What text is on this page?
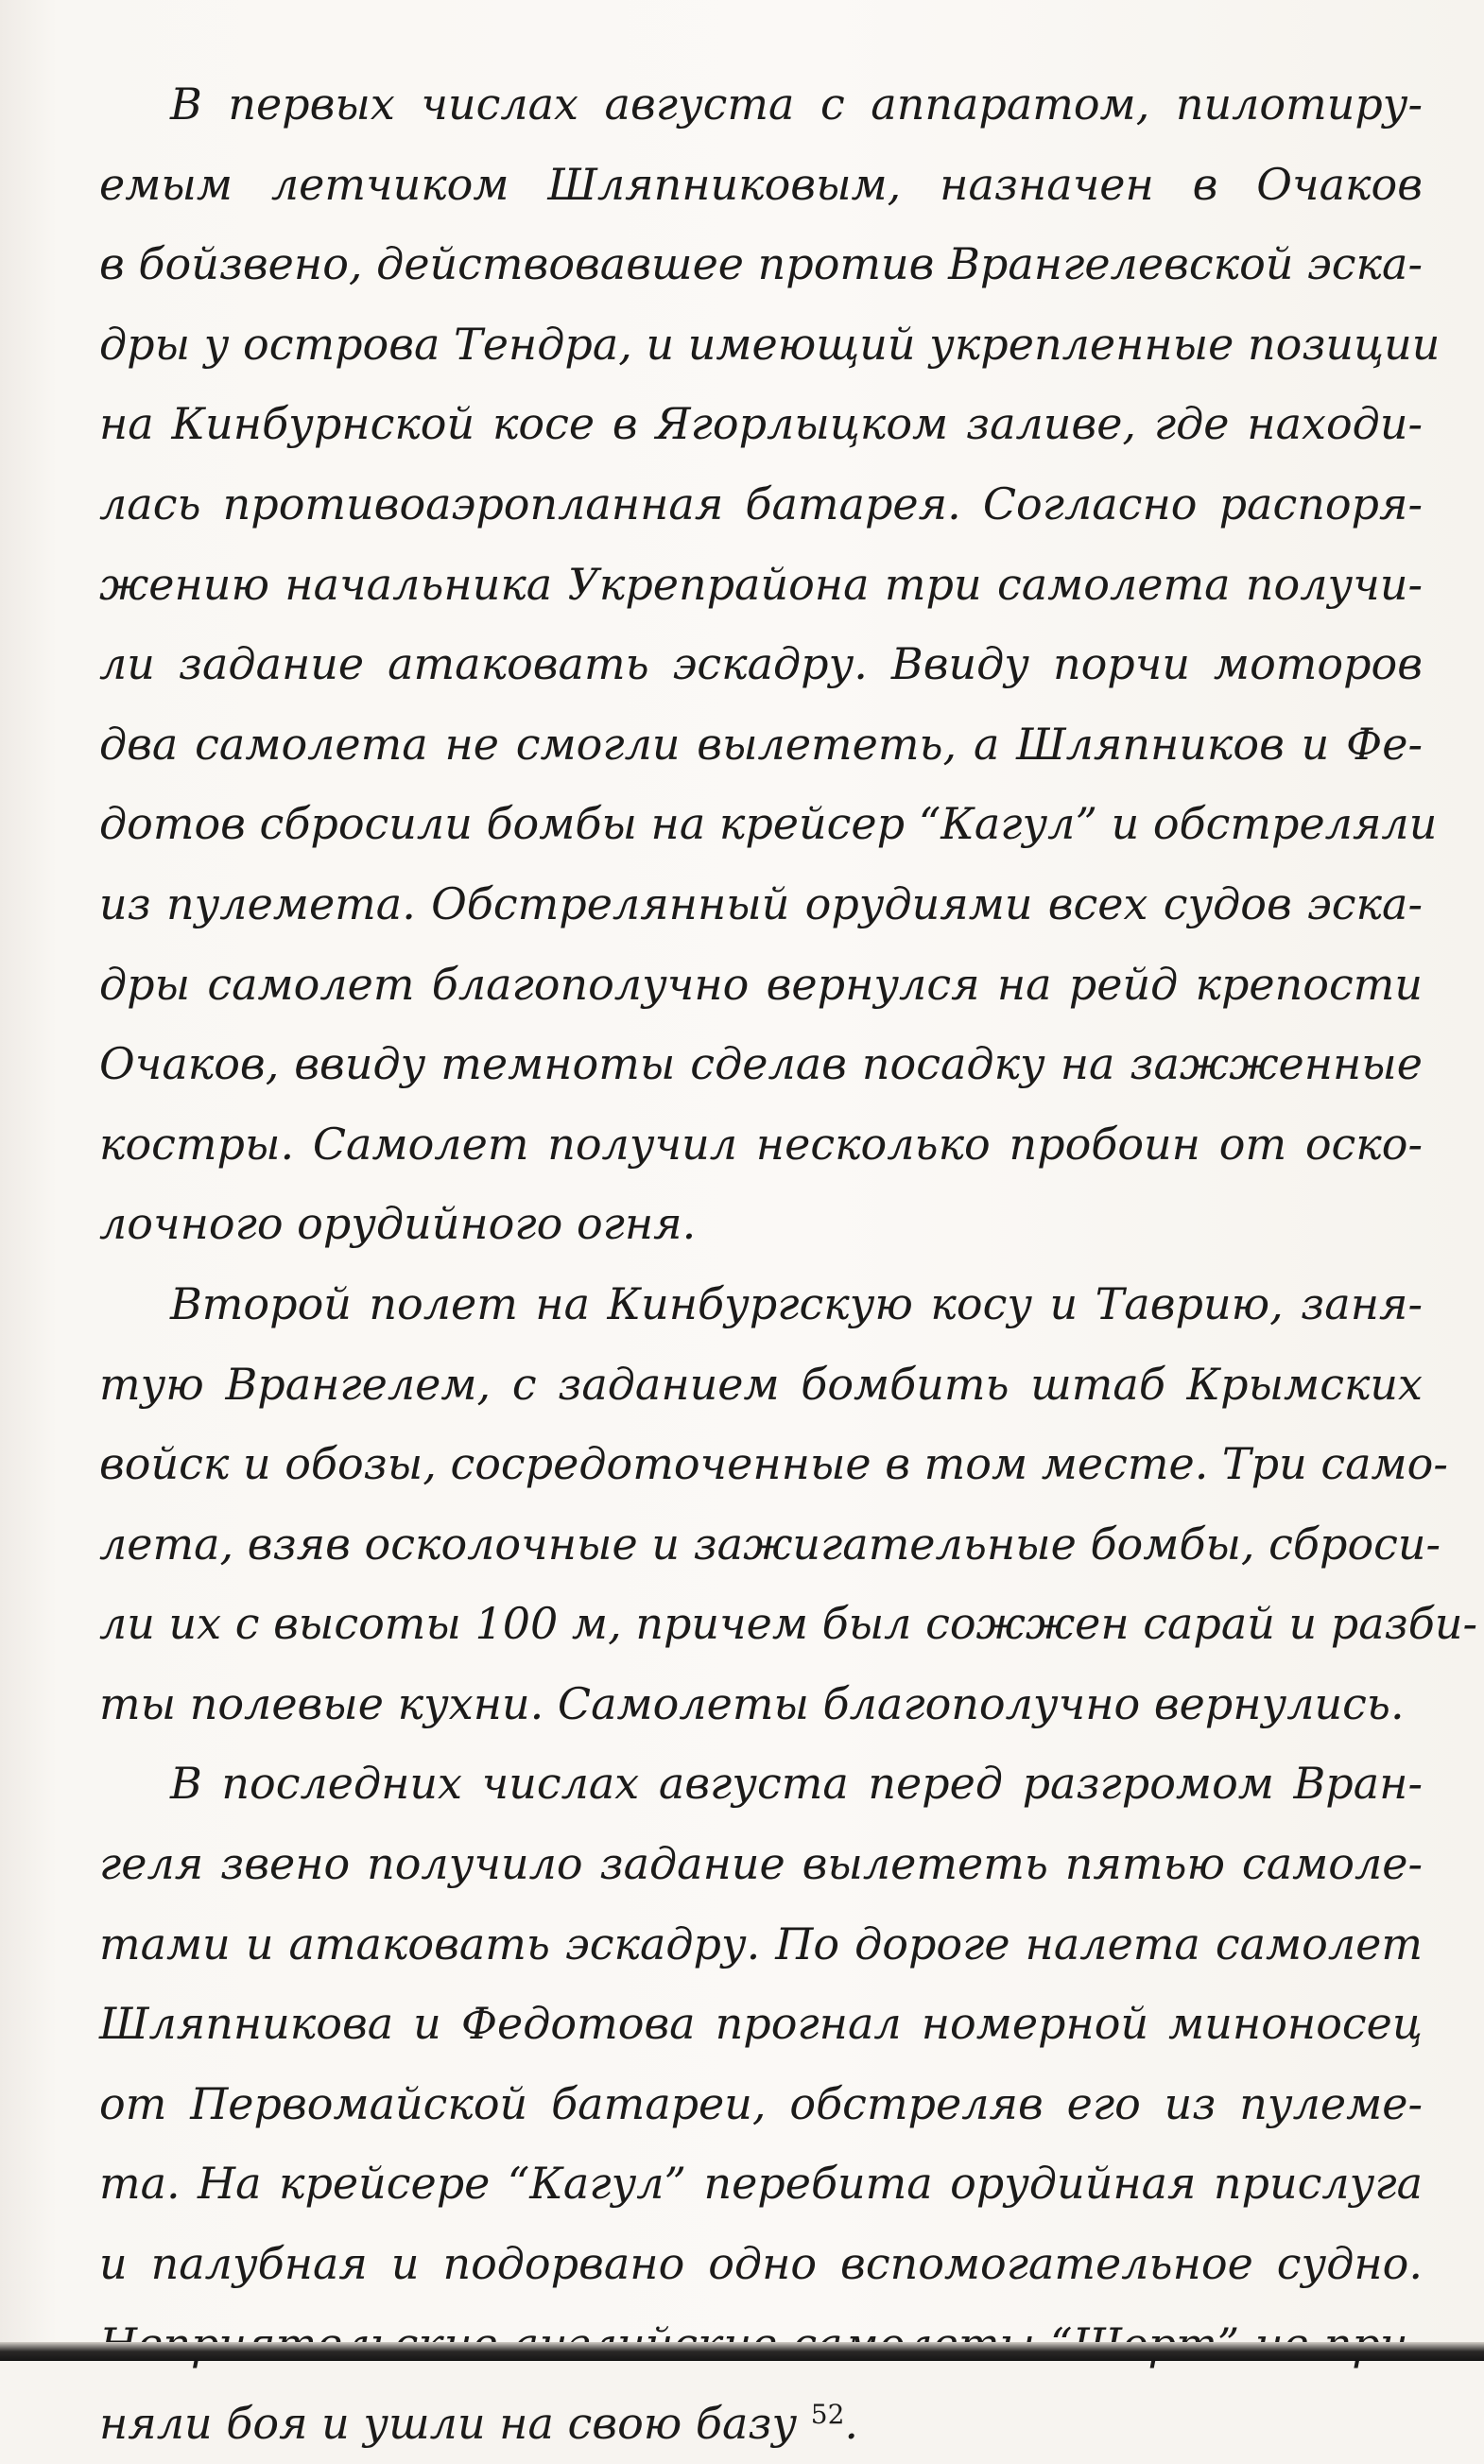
В первых числах августа с аппаратом, пилотиру-
емым летчиком Шляпниковым, назначен в Очаков
в бойзвено, действовавшее против Врангелевской эска-
дры у острова Тендра, и имеющий укрепленные позиции
на Кинбурнской косе в Ягорлыцком заливе, где находи-
лась противоаэропланная батарея. Согласно распоря-
жению начальника Укрепрайона три самолета получи-
ли задание атаковать эскадру. Ввиду порчи моторов
два самолета не смогли вылететь, а Шляпников и Фе-
дотов сбросили бомбы на крейсер “Кагул” и обстреляли
из пулемета. Обстрелянный орудиями всех судов эска-
дры самолет благополучно вернулся на рейд крепости
Очаков, ввиду темноты сделав посадку на зажженные
костры. Самолет получил несколько пробоин от оско-
лочного орудийного огня.
Второй полет на Кинбургскую косу и Таврию, заня-
тую Врангелем, с заданием бомбить штаб Крымских
войск и обозы, сосредоточенные в том месте. Три само-
лета, взяв осколочные и зажигательные бомбы, сброси-
ли их с высоты 100 м, причем был сожжен сарай и разби-
ты полевые кухни. Самолеты благополучно вернулись.
В последних числах августа перед разгромом Вран-
геля звено получило задание вылететь пятью самоле-
тами и атаковать эскадру. По дороге налета самолет
Шляпникова и Федотова прогнал номерной миноносец
от Первомайской батареи, обстреляв его из пулеме-
та. На крейсере “Кагул” перебита орудийная прислуга
и палубная и подорвано одно вспомогательное судно.
няли боя и ушли на свою базу $^{52}$.
